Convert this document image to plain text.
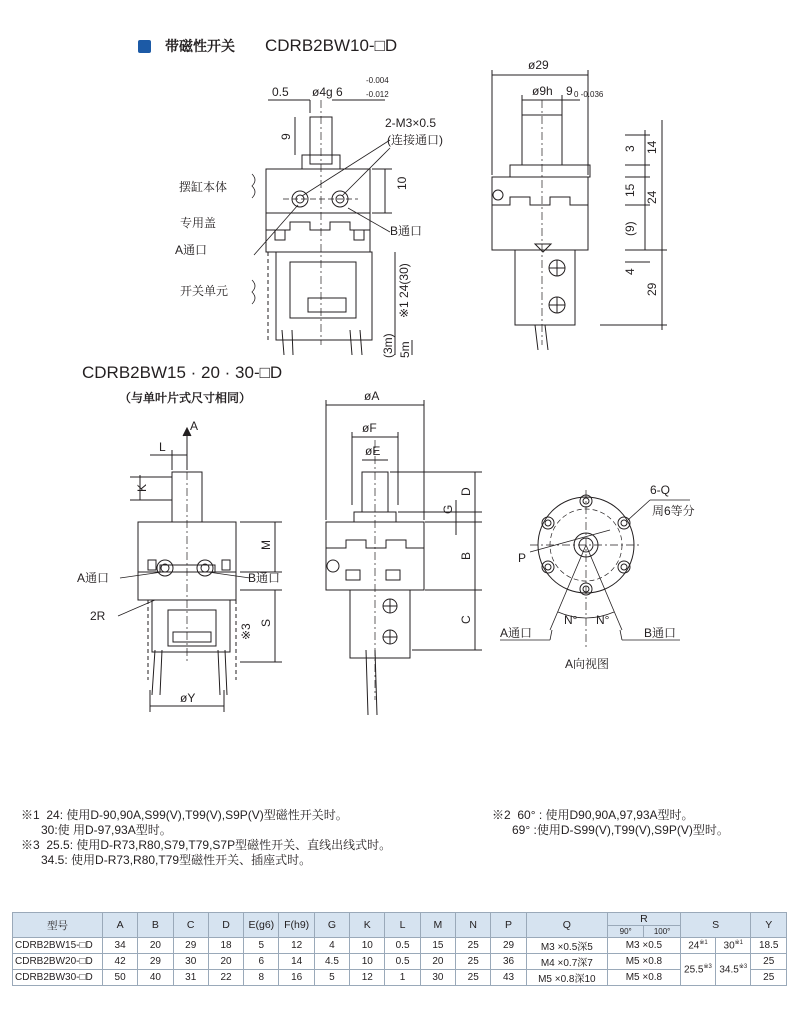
带磁性开关 CDRB2BW10-□D
CDRB2BW15 · 20 · 30-□D
（与单叶片式尺寸相同）
0.5 ø4g 6
-0.004
-0.012
9
2-M3×0.5
(连接通口)
10
摆缸本体
专用盖
A通口
B通口
开关单元	※1 24(30)
(3m) 5m
ø29
ø9h 9 0 -0.036
3 14
15
24
(9)
4
29
A
L
K
M
A通口	B通口
2R	S
※3
øY
øA
øF
øE
G
D
B
C
6-Q
周6等分
P
N° N°
A通口	B通口
A向视图

※1  24: 使用D-90,90A,S99(V),T99(V),S9P(V)型磁性开关时。

30:使 用D-97,93A型时。

※3  25.5: 使用D-R73,R80,S79,T79,S7P型磁性开关、直线出线式时。

34.5: 使用D-R73,R80,T79型磁性开关、插座式时。

※2  60° : 使用D90,90A,97,93A型时。

69° :使用D-S99(V),T99(V),S9P(V)型时。

型号	A	B	C	D	E(g6)	F(h9)	G	K	L	M	N	P	Q	R		S		Y
														90°	100°			
CDRB2BW15-□D	34	20	29	18	5	12	4	10	0.5	15	25	29	M3 ×0.5深5	M3 ×0.5		24$^{※1}$	30$^{※1}$	18.5
CDRB2BW20-□D	42	29	30	20	6	14	4.5	10	0.5	20	25	36	M4 ×0.7深7	M5 ×0.8		25.5$^{※3}$	34.5$^{※3}$	25
CDRB2BW30-□D	50	40	31	22	8	16	5	12	1	30	25	43	M5 ×0.8深10	M5 ×0.8				25
